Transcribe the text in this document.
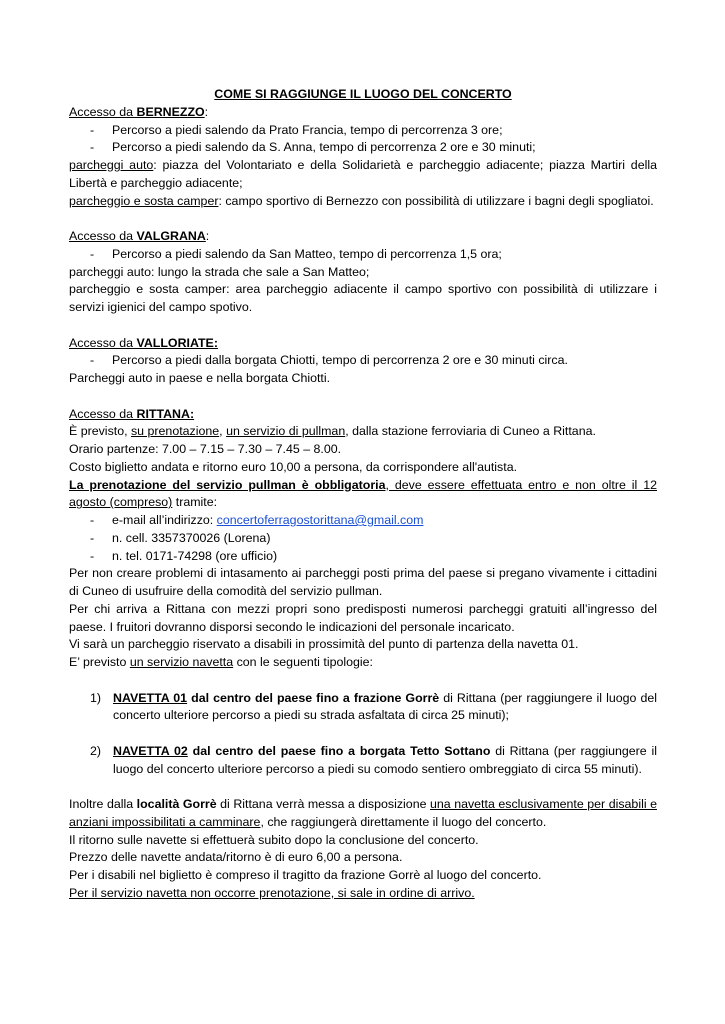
COME SI RAGGIUNGE IL LUOGO DEL CONCERTO

Accesso da BERNEZZO:

- Percorso a piedi salendo da Prato Francia, tempo di percorrenza 3 ore;

- Percorso a piedi salendo da S. Anna, tempo di percorrenza 2 ore e 30 minuti;

parcheggi auto: piazza del Volontariato e della Solidarietà e parcheggio adiacente; piazza Martiri della Libertà e parcheggio adiacente;

parcheggio e sosta camper: campo sportivo di Bernezzo con possibilità di utilizzare i bagni degli spogliatoi.

Accesso da VALGRANA:

- Percorso a piedi salendo da San Matteo, tempo di percorrenza 1,5 ora;

parcheggi auto: lungo la strada che sale a San Matteo;

parcheggio e sosta camper: area parcheggio adiacente il campo sportivo con possibilità di utilizzare i servizi igienici del campo spotivo.

Accesso da VALLORIATE:

- Percorso a piedi dalla borgata Chiotti, tempo di percorrenza 2 ore e 30 minuti circa.

Parcheggi auto in paese e nella borgata Chiotti.

Accesso da RITTANA:

È previsto, su prenotazione, un servizio di pullman, dalla stazione ferroviaria di Cuneo a Rittana.

Orario partenze: 7.00 – 7.15 – 7.30 – 7.45 – 8.00.

Costo biglietto andata e ritorno euro 10,00 a persona, da corrispondere all'autista.

La prenotazione del servizio pullman è obbligatoria, deve essere effettuata entro e non oltre il 12 agosto (compreso) tramite:

- e-mail all’indirizzo: concertoferragostorittana@gmail.com

- n. cell. 3357370026 (Lorena)

- n. tel. 0171-74298 (ore ufficio)

Per non creare problemi di intasamento ai parcheggi posti prima del paese si pregano vivamente i cittadini di Cuneo di usufruire della comodità del servizio pullman.

Per chi arriva a Rittana con mezzi propri sono predisposti numerosi parcheggi gratuiti all’ingresso del paese. I fruitori dovranno disporsi secondo le indicazioni del personale incaricato.

Vi sarà un parcheggio riservato a disabili in prossimità del punto di partenza della navetta 01.

E’ previsto un servizio navetta con le seguenti tipologie:

1) NAVETTA 01 dal centro del paese fino a frazione Gorrè di Rittana (per raggiungere il luogo del concerto ulteriore percorso a piedi su strada asfaltata di circa 25 minuti);

2) NAVETTA 02 dal centro del paese fino a borgata Tetto Sottano di Rittana (per raggiungere il luogo del concerto ulteriore percorso a piedi su comodo sentiero ombreggiato di circa 55 minuti).

Inoltre dalla località Gorrè di Rittana verrà messa a disposizione una navetta esclusivamente per disabili e anziani impossibilitati a camminare, che raggiungerà direttamente il luogo del concerto.

Il ritorno sulle navette si effettuerà subito dopo la conclusione del concerto.

Prezzo delle navette andata/ritorno è di euro 6,00 a persona.

Per i disabili nel biglietto è compreso il tragitto da frazione Gorrè al luogo del concerto.

Per il servizio navetta non occorre prenotazione, si sale in ordine di arrivo.
